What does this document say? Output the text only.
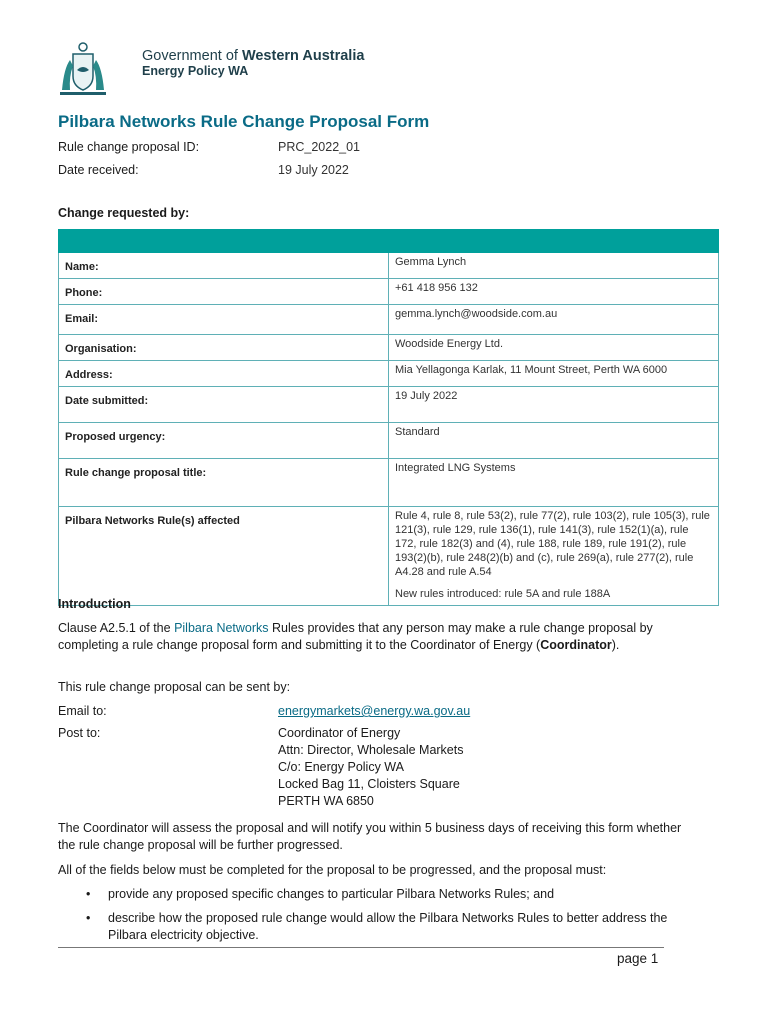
Government of Western Australia
Energy Policy WA
Pilbara Networks Rule Change Proposal Form
Rule change proposal ID:	PRC_2022_01
Date received:	19 July 2022
Change requested by:

Name:	Gemma Lynch
Phone:	+61 418 956 132
Email:	gemma.lynch@woodside.com.au
Organisation:	Woodside Energy Ltd.
Address:	Mia Yellagonga Karlak, 11 Mount Street, Perth WA 6000
Date submitted:	19 July 2022
Proposed urgency:	Standard
Rule change proposal title:	Integrated LNG Systems
Pilbara Networks Rule(s) affected	Rule 4, rule 8, rule 53(2), rule 77(2), rule 103(2), rule 105(3), rule 121(3), rule 129, rule 136(1), rule 141(3), rule 152(1)(a), rule 172, rule 182(3) and (4), rule 188, rule 189, rule 191(2), rule 193(2)(b), rule 248(2)(b) and (c), rule 269(a), rule 277(2), rule A4.28 and rule A.54
New rules introduced: rule 5A and rule 188A
Introduction
Clause A2.5.1 of the Pilbara Networks Rules provides that any person may make a rule change proposal by completing a rule change proposal form and submitting it to the Coordinator of Energy (Coordinator).
This rule change proposal can be sent by:
Email to:	energymarkets@energy.wa.gov.au
Post to:	Coordinator of Energy
Attn: Director, Wholesale Markets
C/o: Energy Policy WA
Locked Bag 11, Cloisters Square
PERTH WA 6850
The Coordinator will assess the proposal and will notify you within 5 business days of receiving this form whether the rule change proposal will be further progressed.
All of the fields below must be completed for the proposal to be progressed, and the proposal must:
• provide any proposed specific changes to particular Pilbara Networks Rules; and
• describe how the proposed rule change would allow the Pilbara Networks Rules to better address the Pilbara electricity objective.
page 1
